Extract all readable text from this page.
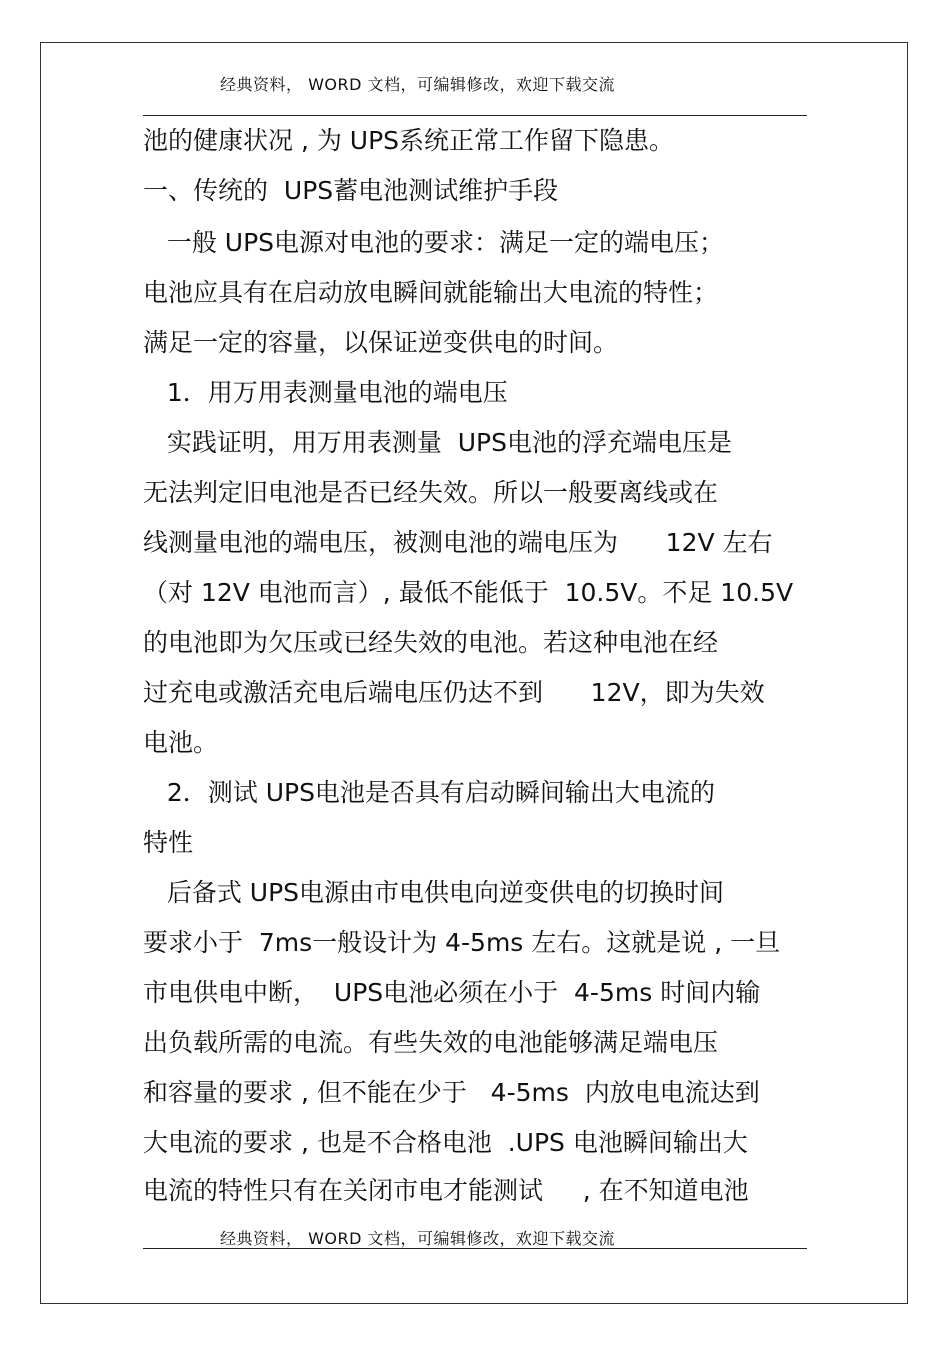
经典资料， WORD 文档，可编辑修改，欢迎下载交流
池的健康状况 , 为 UPS系统正常工作留下隐患。
一、传统的  UPS蓄电池测试维护手段
一般 UPS电源对电池的要求：满足一定的端电压；
电池应具有在启动放电瞬间就能输出大电流的特性；
满足一定的容量，以保证逆变供电的时间。
1．用万用表测量电池的端电压
实践证明，用万用表测量  UPS电池的浮充端电压是
无法判定旧电池是否已经失效。所以一般要离线或在
线测量电池的端电压，被测电池的端电压为      12V 左右
（对 12V 电池而言）, 最低不能低于  10.5V。不足 10.5V
的电池即为欠压或已经失效的电池。若这种电池在经
过充电或激活充电后端电压仍达不到      12V，即为失效
电池。
2．测试 UPS电池是否具有启动瞬间输出大电流的
特性
后备式 UPS电源由市电供电向逆变供电的切换时间
要求小于  7ms一般设计为 4-5ms 左右。这就是说 , 一旦
市电供电中断，  UPS电池必须在小于  4-5ms 时间内输
出负载所需的电流。有些失效的电池能够满足端电压
和容量的要求 , 但不能在少于   4-5ms  内放电电流达到
大电流的要求 , 也是不合格电池  .UPS 电池瞬间输出大
电流的特性只有在关闭市电才能测试     , 在不知道电池
经典资料， WORD 文档，可编辑修改，欢迎下载交流
